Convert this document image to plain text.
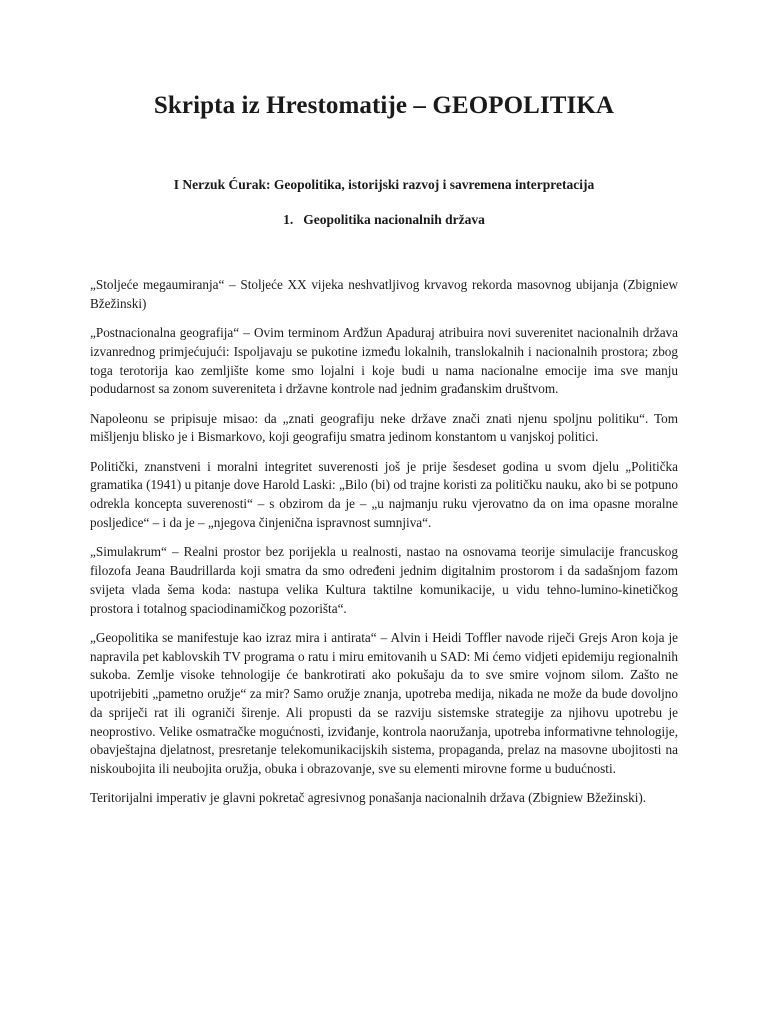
Skripta iz Hrestomatije – GEOPOLITIKA
I Nerzuk Ćurak: Geopolitika, istorijski razvoj i savremena interpretacija
1. Geopolitika nacionalnih država

„Stoljeće megaumiranja“ – Stoljeće XX vijeka neshvatljivog krvavog rekorda masovnog ubijanja (Zbigniew Bžežinski)

„Postnacionalna geografija“ – Ovim terminom Arđžun Apaduraj atribuira novi suverenitet nacionalnih država izvanrednog primjećujući: Ispoljavaju se pukotine između lokalnih, translokalnih i nacionalnih prostora; zbog toga terotorija kao zemljište kome smo lojalni i koje budi u nama nacionalne emocije ima sve manju podudarnost sa zonom suvereniteta i državne kontrole nad jednim građanskim društvom.

Napoleonu se pripisuje misao: da „znati geografiju neke države znači znati njenu spoljnu politiku“. Tom mišljenju blisko je i Bismarkovo, koji geografiju smatra jedinom konstantom u vanjskoj politici.

Politički, znanstveni i moralni integritet suverenosti još je prije šesdeset godina u svom djelu „Politička gramatika (1941) u pitanje dove Harold Laski: „Bilo (bi) od trajne koristi za političku nauku, ako bi se potpuno odrekla koncepta suverenosti“ – s obzirom da je – „u najmanju ruku vjerovatno da on ima opasne moralne posljedice“ – i da je – „njegova činjenična ispravnost sumnjiva“.

„Simulakrum“ – Realni prostor bez porijekla u realnosti, nastao na osnovama teorije simulacije francuskog filozofa Jeana Baudrillarda koji smatra da smo određeni jednim digitalnim prostorom i da sadašnjom fazom svijeta vlada šema koda: nastupa velika Kultura taktilne komunikacije, u vidu tehno-lumino-kinetičkog prostora i totalnog spaciodinamičkog pozorišta“.

„Geopolitika se manifestuje kao izraz mira i antirata“ – Alvin i Heidi Toffler navode riječi Grejs Aron koja je napravila pet kablovskih TV programa o ratu i miru emitovanih u SAD: Mi ćemo vidjeti epidemiju regionalnih sukoba. Zemlje visoke tehnologije će bankrotirati ako pokušaju da to sve smire vojnom silom. Zašto ne upotrijebiti „pametno oružje“ za mir? Samo oružje znanja, upotreba medija, nikada ne može da bude dovoljno da spriječi rat ili ograniči širenje. Ali propusti da se razviju sistemske strategije za njihovu upotrebu je neoprostivo. Velike osmatračke mogućnosti, izviđanje, kontrola naoružanja, upotreba informativne tehnologije, obavještajna djelatnost, presretanje telekomunikacijskih sistema, propaganda, prelaz na masovne ubojitosti na niskoubojita ili neubojita oružja, obuka i obrazovanje, sve su elementi mirovne forme u budućnosti.

Teritorijalni imperativ je glavni pokretač agresivnog ponašanja nacionalnih država (Zbigniew Bžežinski).
